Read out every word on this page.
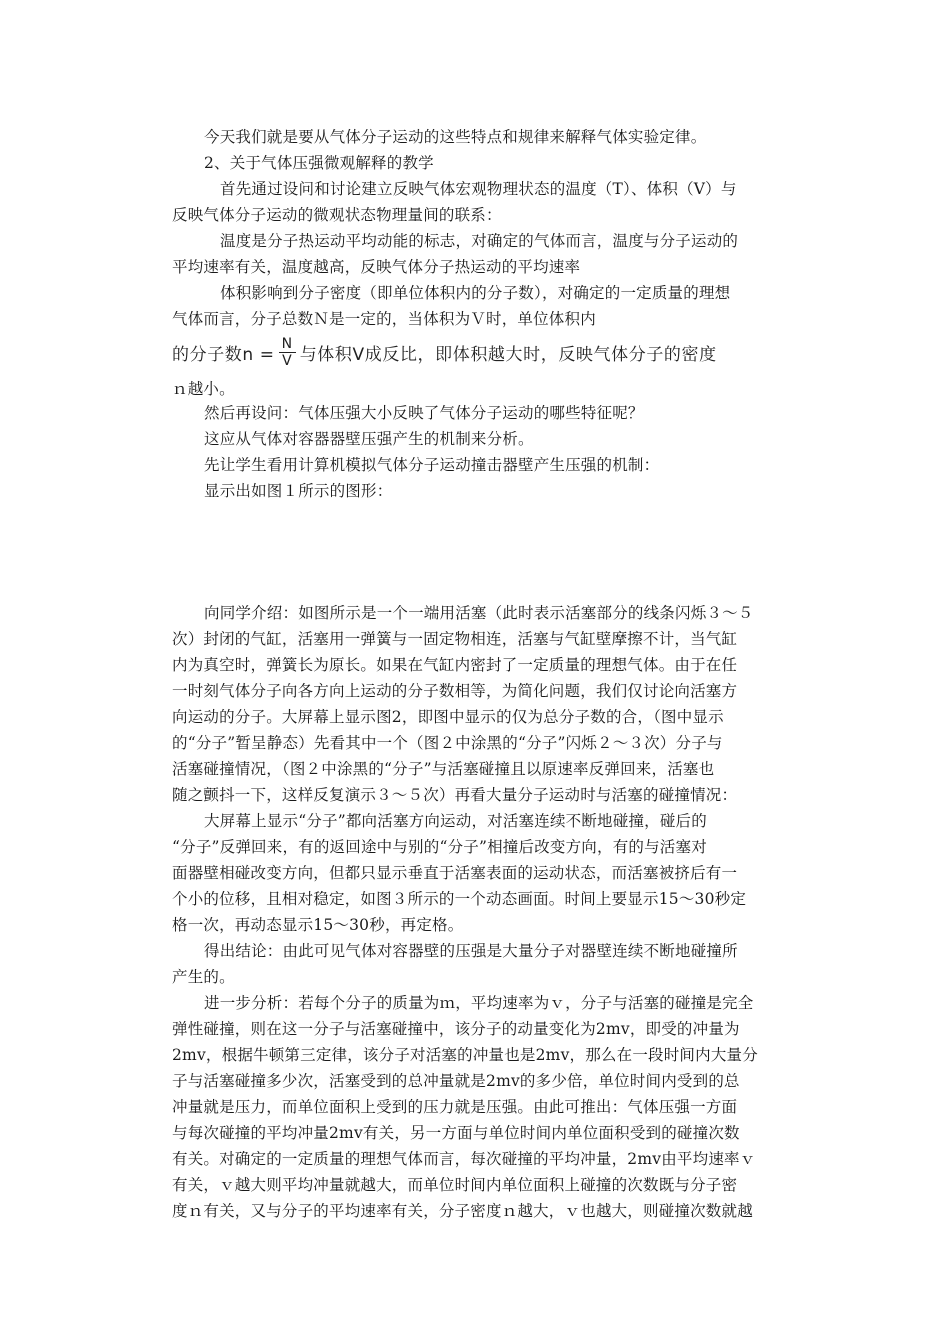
今天我们就是要从气体分子运动的这些特点和规律来解释气体实验定律。
2、关于气体压强微观解释的教学
首先通过设问和讨论建立反映气体宏观物理状态的温度（T）、体积（V）与
反映气体分子运动的微观状态物理量间的联系：
温度是分子热运动平均动能的标志，对确定的气体而言，温度与分子运动的
平均速率有关，温度越高，反映气体分子热运动的平均速率
体积影响到分子密度（即单位体积内的分子数），对确定的一定质量的理想
气体而言，分子总数Ｎ是一定的，当体积为Ｖ时，单位体积内
的分子数$n = \frac{N}{V}$ 与体积V成反比，即体积越大时，反映气体分子的密度
ｎ越小。
然后再设问：气体压强大小反映了气体分子运动的哪些特征呢？
这应从气体对容器器壁压强产生的机制来分析。
先让学生看用计算机模拟气体分子运动撞击器壁产生压强的机制：
显示出如图１所示的图形：
向同学介绍：如图所示是一个一端用活塞（此时表示活塞部分的线条闪烁３～５
次）封闭的气缸，活塞用一弹簧与一固定物相连，活塞与气缸壁摩擦不计，当气缸
内为真空时，弹簧长为原长。如果在气缸内密封了一定质量的理想气体。由于在任
一时刻气体分子向各方向上运动的分子数相等，为简化问题，我们仅讨论向活塞方
向运动的分子。大屏幕上显示图2，即图中显示的仅为总分子数的合，（图中显示
的“分子”暂呈静态）先看其中一个（图２中涂黑的“分子”闪烁２～３次）分子与
活塞碰撞情况，（图２中涂黑的“分子”与活塞碰撞且以原速率反弹回来，活塞也
随之颤抖一下，这样反复演示３～５次）再看大量分子运动时与活塞的碰撞情况：
大屏幕上显示“分子”都向活塞方向运动，对活塞连续不断地碰撞，碰后的
“分子”反弹回来，有的返回途中与别的“分子”相撞后改变方向，有的与活塞对
面器壁相碰改变方向，但都只显示垂直于活塞表面的运动状态，而活塞被挤后有一
个小的位移，且相对稳定，如图３所示的一个动态画面。时间上要显示15～30秒定
格一次，再动态显示15～30秒，再定格。
得出结论：由此可见气体对容器壁的压强是大量分子对器壁连续不断地碰撞所
产生的。
进一步分析：若每个分子的质量为ｍ，平均速率为ｖ，分子与活塞的碰撞是完全
弹性碰撞，则在这一分子与活塞碰撞中，该分子的动量变化为2mv，即受的冲量为
2mv，根据牛顿第三定律，该分子对活塞的冲量也是2mv，那么在一段时间内大量分
子与活塞碰撞多少次，活塞受到的总冲量就是2mv的多少倍，单位时间内受到的总
冲量就是压力，而单位面积上受到的压力就是压强。由此可推出：气体压强一方面
与每次碰撞的平均冲量2mv有关，另一方面与单位时间内单位面积受到的碰撞次数
有关。对确定的一定质量的理想气体而言，每次碰撞的平均冲量，2mv由平均速率ｖ
有关，ｖ越大则平均冲量就越大，而单位时间内单位面积上碰撞的次数既与分子密
度ｎ有关，又与分子的平均速率有关，分子密度ｎ越大，ｖ也越大，则碰撞次数就越
